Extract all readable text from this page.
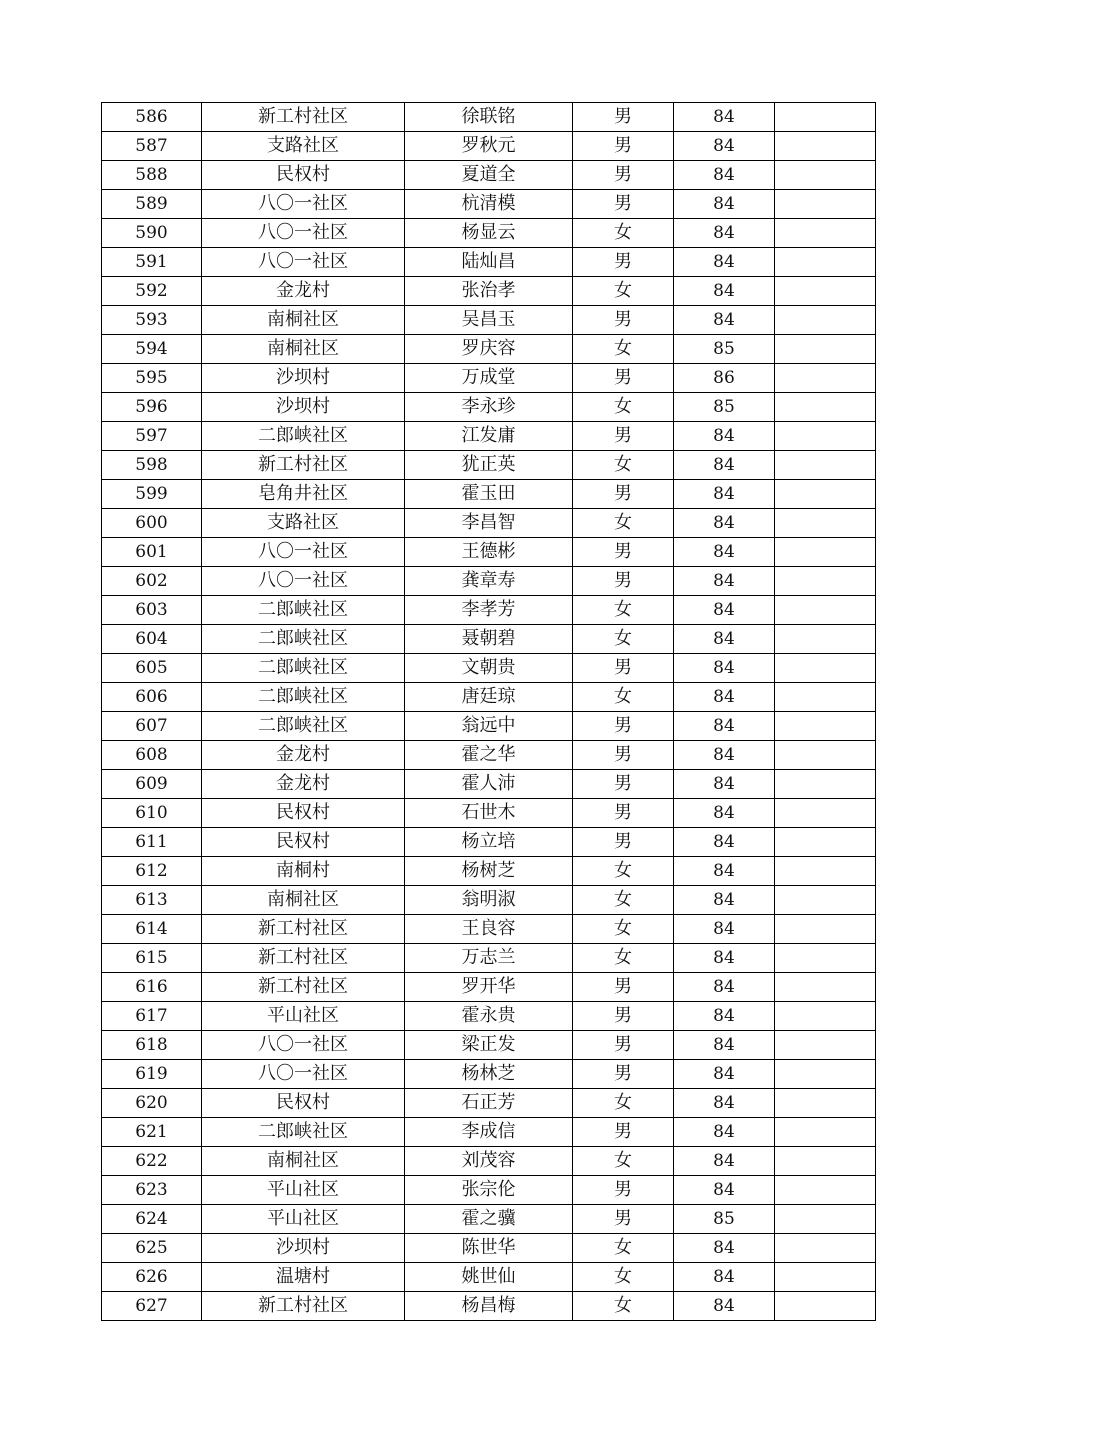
586	新工村社区	徐联铭	男	84	
587	支路社区	罗秋元	男	84	
588	民权村	夏道全	男	84	
589	八〇一社区	杭清模	男	84	
590	八〇一社区	杨显云	女	84	
591	八〇一社区	陆灿昌	男	84	
592	金龙村	张治孝	女	84	
593	南桐社区	吴昌玉	男	84	
594	南桐社区	罗庆容	女	85	
595	沙坝村	万成堂	男	86	
596	沙坝村	李永珍	女	85	
597	二郎峡社区	江发庸	男	84	
598	新工村社区	犹正英	女	84	
599	皂角井社区	霍玉田	男	84	
600	支路社区	李昌智	女	84	
601	八〇一社区	王德彬	男	84	
602	八〇一社区	龚章寿	男	84	
603	二郎峡社区	李孝芳	女	84	
604	二郎峡社区	聂朝碧	女	84	
605	二郎峡社区	文朝贵	男	84	
606	二郎峡社区	唐廷琼	女	84	
607	二郎峡社区	翁远中	男	84	
608	金龙村	霍之华	男	84	
609	金龙村	霍人沛	男	84	
610	民权村	石世木	男	84	
611	民权村	杨立培	男	84	
612	南桐村	杨树芝	女	84	
613	南桐社区	翁明淑	女	84	
614	新工村社区	王良容	女	84	
615	新工村社区	万志兰	女	84	
616	新工村社区	罗开华	男	84	
617	平山社区	霍永贵	男	84	
618	八〇一社区	梁正发	男	84	
619	八〇一社区	杨林芝	男	84	
620	民权村	石正芳	女	84	
621	二郎峡社区	李成信	男	84	
622	南桐社区	刘茂容	女	84	
623	平山社区	张宗伦	男	84	
624	平山社区	霍之骥	男	85	
625	沙坝村	陈世华	女	84	
626	温塘村	姚世仙	女	84	
627	新工村社区	杨昌梅	女	84	
